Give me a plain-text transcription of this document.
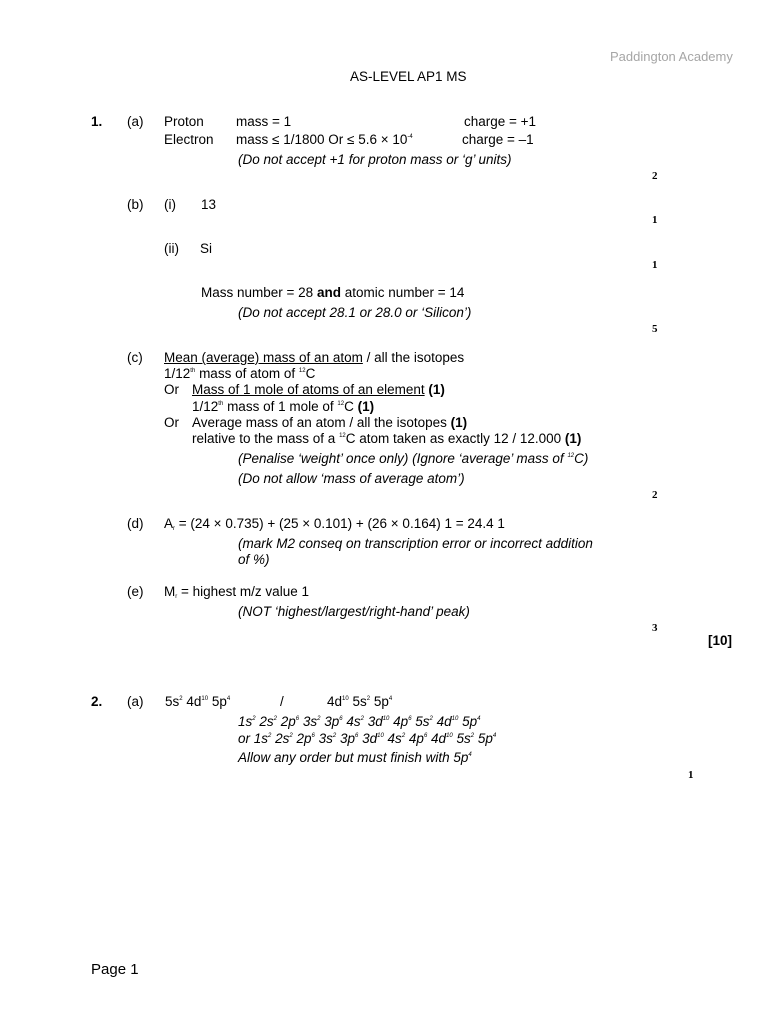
Paddington Academy
AS-LEVEL AP1 MS
1. (a) Proton mass = 1	charge = +1
Electron mass ≤ 1/1800 $Or \le 5.6 \times 10^{-4}$	charge = –1
(Do not accept +1 for proton mass or ‘g’ units)
2
(b) (i) 13
1
(ii) Si
1
Mass number = 28 and atomic number = 14
(Do not accept 28.1 or 28.0 or ‘Silicon’)
5
(c) Mean (average) mass of an atom / all the isotopes
1/12th mass of atom of $^{12}$C
Or Mass of 1 mole of atoms of an element (1)
1/12th mass of 1 mole of $^{12}$C (1)
Or Average mass of an atom / all the isotopes (1)
relative to the mass of a $^{12}$C atom taken as exactly 12 / 12.000 (1)
(Penalise ‘weight’ once only) (Ignore ‘average’ mass of $^{12}$C)
(Do not allow ‘mass of average atom’)
2
(d) $A_r = (24 \times 0.735) + (25 \times 0.101) + (26 \times 0.164) 1 = 24.4$ 1
(mark M2 conseq on transcription error or incorrect addition
of %)
(e) $M_r$ = highest m/z value 1
(NOT ‘highest/largest/right-hand’ peak)
3
[10]
2. (a) $5s^2$ $4d^{10}$ $5p^4$	/	$4d^{10}$ $5s^2$ $5p^4$
$1s^2$ $2s^2$ $2p^6$ $3s^2$ $3p^6$ $4s^2$ $3d^{10}$ $4p^6$ $5s^2$ $4d^{10}$ $5p^4$
or $1s^2$ $2s^2$ $2p^6$ $3s^2$ $3p^6$ $3d^{10}$ $4s^2$ $4p^6$ $4d^{10}$ $5s^2$ $5p^4$
Allow any order but must finish with $5p^4$
1
Page 1
